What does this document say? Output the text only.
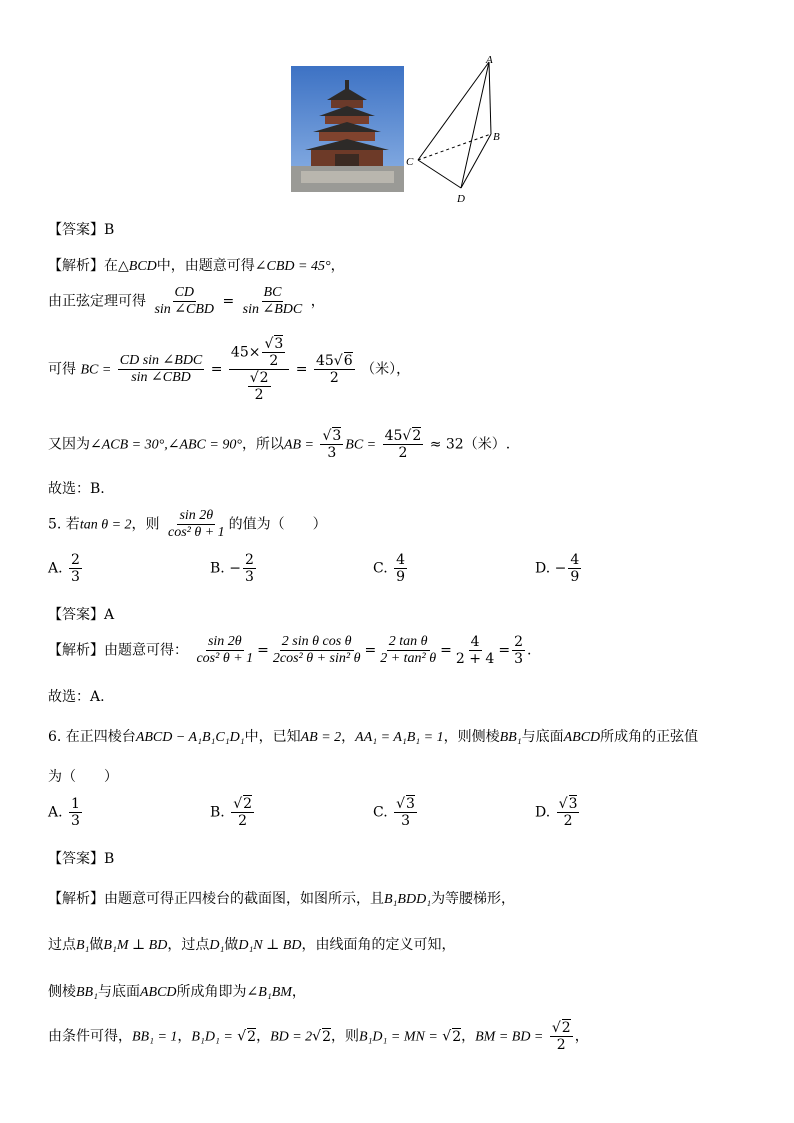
A
B
C
D
【答案】B
【解析】在△BCD中，由题意可得∠CBD = 45°，
由正弦定理可得 $\frac{CD}{\text{sin ∠CBD}} = \frac{BC}{\text{sin ∠BDC}}$ ，
可得 BC = $\frac{\text{CD sin ∠BDC}}{\text{sin ∠CBD}} = \frac{45\times \frac{√3}{2}}{\frac{√2}{2}} = \frac{45√6}{2}$ （米），
又因为∠ACB = 30°,∠ABC = 90°，所以AB = $\frac{√3}{3}$ BC = $\frac{45√2}{2} \approx 32$（米）.
故选：B.
5. 若tan θ = 2，则 $\frac{\sin 2\theta}{\text{cos² θ + 1}}$ 的值为（　　）
A. $\frac{2}{3}$	B. − $\frac{2}{3}$	C. $\frac{4}{9}$	D. − $\frac{4}{9}$
【答案】A
【解析】由题意可得： $\frac{\sin 2\theta}{\text{cos² θ + 1}} = \frac{\text{2 sin θ cos θ}}{\text{2cos² θ + sin² θ}} = \frac{\text{2 tan θ}}{\text{2 + tan² θ}} = \frac{4}{2 + 4} = \frac{2}{3}$ .
故选：A.
6. 在正四棱台ABCD − A₁B₁C₁D₁中，已知AB = 2，AA₁ = A₁B₁ = 1，则侧棱BB₁与底面ABCD所成角的正弦值
为（　　）
A. $\frac{1}{3}$	B. $\frac{√2}{2}$	C. $\frac{√3}{3}$	D. $\frac{√3}{2}$
【答案】B
【解析】由题意可得正四棱台的截面图，如图所示，且B₁BDD₁为等腰梯形，
过点B₁做B₁M ⊥ BD，过点D₁做D₁N ⊥ BD，由线面角的定义可知，
侧棱BB₁与底面ABCD所成角即为∠B₁BM，
由条件可得，BB₁ = 1，B₁D₁ = √2，BD = 2√2，则B₁D₁ = MN = √2，BM = BD = $\frac{√2}{2}$ ，
